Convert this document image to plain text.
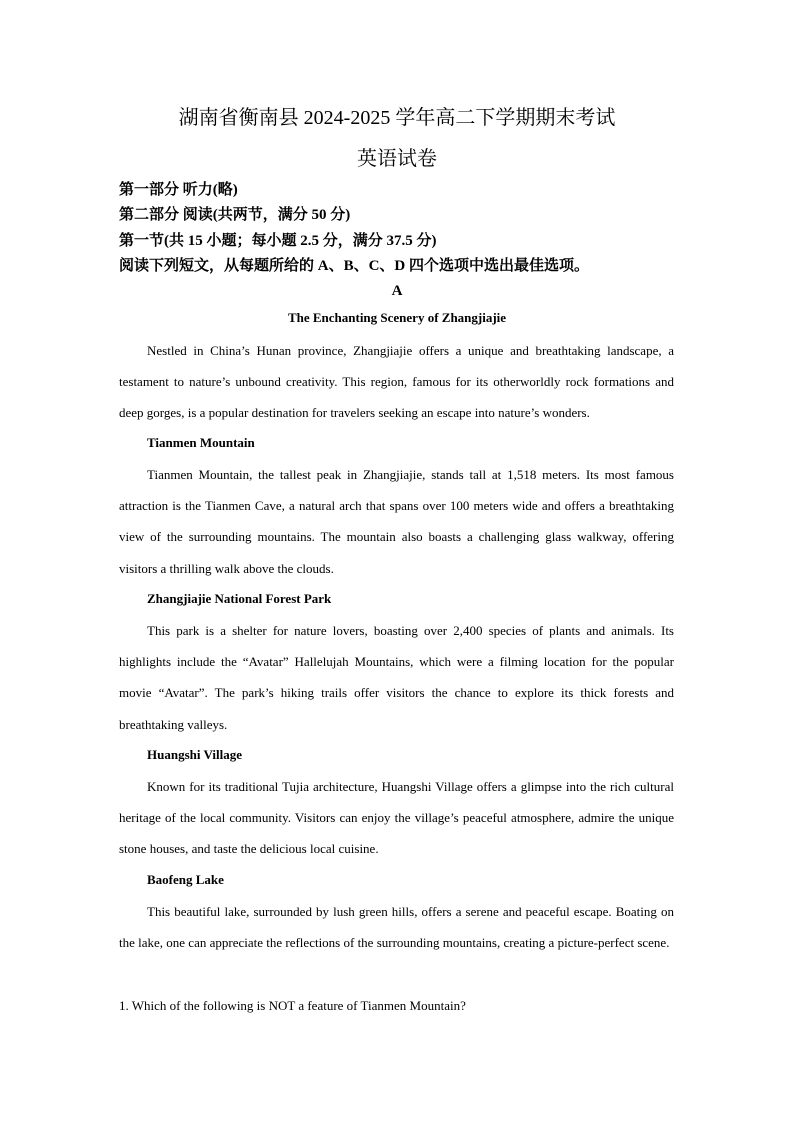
湖南省衡南县 2024-2025 学年高二下学期期末考试
英语试卷
第一部分 听力(略)
第二部分 阅读(共两节，满分 50 分)
第一节(共 15 小题；每小题 2.5 分，满分 37.5 分)
阅读下列短文，从每题所给的 A、B、C、D 四个选项中选出最佳选项。
A
The Enchanting Scenery of Zhangjiajie
Nestled in China’s Hunan province, Zhangjiajie offers a unique and breathtaking landscape, a testament to nature’s unbound creativity. This region, famous for its otherworldly rock formations and deep gorges, is a popular destination for travelers seeking an escape into nature’s wonders.
Tianmen Mountain
Tianmen Mountain, the tallest peak in Zhangjiajie, stands tall at 1,518 meters. Its most famous attraction is the Tianmen Cave, a natural arch that spans over 100 meters wide and offers a breathtaking view of the surrounding mountains. The mountain also boasts a challenging glass walkway, offering visitors a thrilling walk above the clouds.
Zhangjiajie National Forest Park
This park is a shelter for nature lovers, boasting over 2,400 species of plants and animals. Its highlights include the “Avatar” Hallelujah Mountains, which were a filming location for the popular movie “Avatar”. The park’s hiking trails offer visitors the chance to explore its thick forests and breathtaking valleys.
Huangshi Village
Known for its traditional Tujia architecture, Huangshi Village offers a glimpse into the rich cultural heritage of the local community. Visitors can enjoy the village’s peaceful atmosphere, admire the unique stone houses, and taste the delicious local cuisine.
Baofeng Lake
This beautiful lake, surrounded by lush green hills, offers a serene and peaceful escape. Boating on the lake, one can appreciate the reflections of the surrounding mountains, creating a picture-perfect scene.
1. Which of the following is NOT a feature of Tianmen Mountain?
